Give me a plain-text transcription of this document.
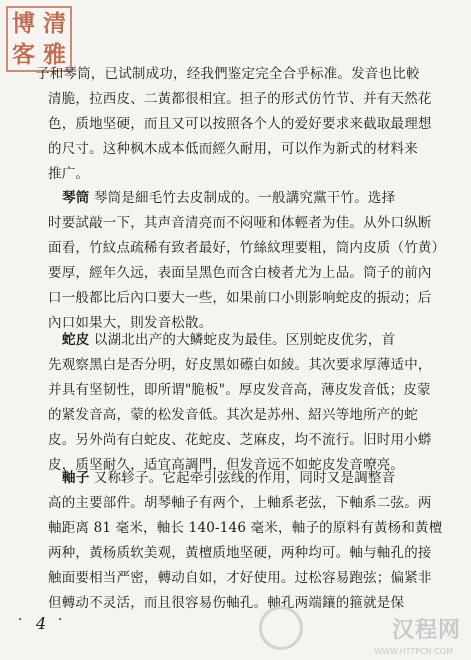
博 清
客 雅
子和琴筒，已试制成功，经我們鉴定完全合乎标准。发音也比較
清脆，拉西皮、二黃都很相宜。担子的形式仿竹节、并有天然花
色，质地坚硬，而且又可以按照各个人的爱好要求来截取最理想
的尺寸。这种枫木成本低而經久耐用，可以作为新式的材料来
推广。
琴筒 琴筒是細毛竹去皮制成的。一般講究黨干竹。选择
时要試敲一下，其声音清亮而不闷哑和体輕者为佳。从外口纵断
面看，竹紋点疏稀有致者最好，竹絲紋理要粗，筒内皮质（竹黄）
要厚，經年久远，表面呈黑色而含白棱者尤为上品。筒子的前內
口一般都比后內口要大一些，如果前口小則影响蛇皮的振动；后
內口如果大，則发音松散。
蛇皮 以湖北出产的大鳞蛇皮为最佳。区別蛇皮优劣，首
先观察黑白是否分明，好皮黑如礤白如綾。其次要求厚薄适中，
并具有坚韧性，即所谓"脆板"。厚皮发音高，薄皮发音低；皮蒙
的紧发音高，蒙的松发音低。其次是苏州、紹兴等地所产的蛇
皮。另外尚有白蛇皮、花蛇皮、芝麻皮，均不流行。旧时用小蟒
皮，质坚耐久，适宜高調門，但发音远不如蛇皮发音嘹亮。
軸子 又称轸子。它起牵引弦线的作用，同时又是調整音
高的主要部件。胡琴軸子有两个，上軸系老弦，下軸系二弦。两
軸距离 81 毫米，軸长 140-146 毫米，軸子的原料有黃杨和黃檀
两种，黃杨质软美观，黃檀质地坚硬，两种均可。軸与軸孔的接
触面要相当严密，轉动自如，才好使用。过松容易跑弦；偏紧非
但轉动不灵活，而且很容易伤軸孔。軸孔两端鑲的箍就是保
· 4 ·	汉程网
WWW.HTTPCN.COM
